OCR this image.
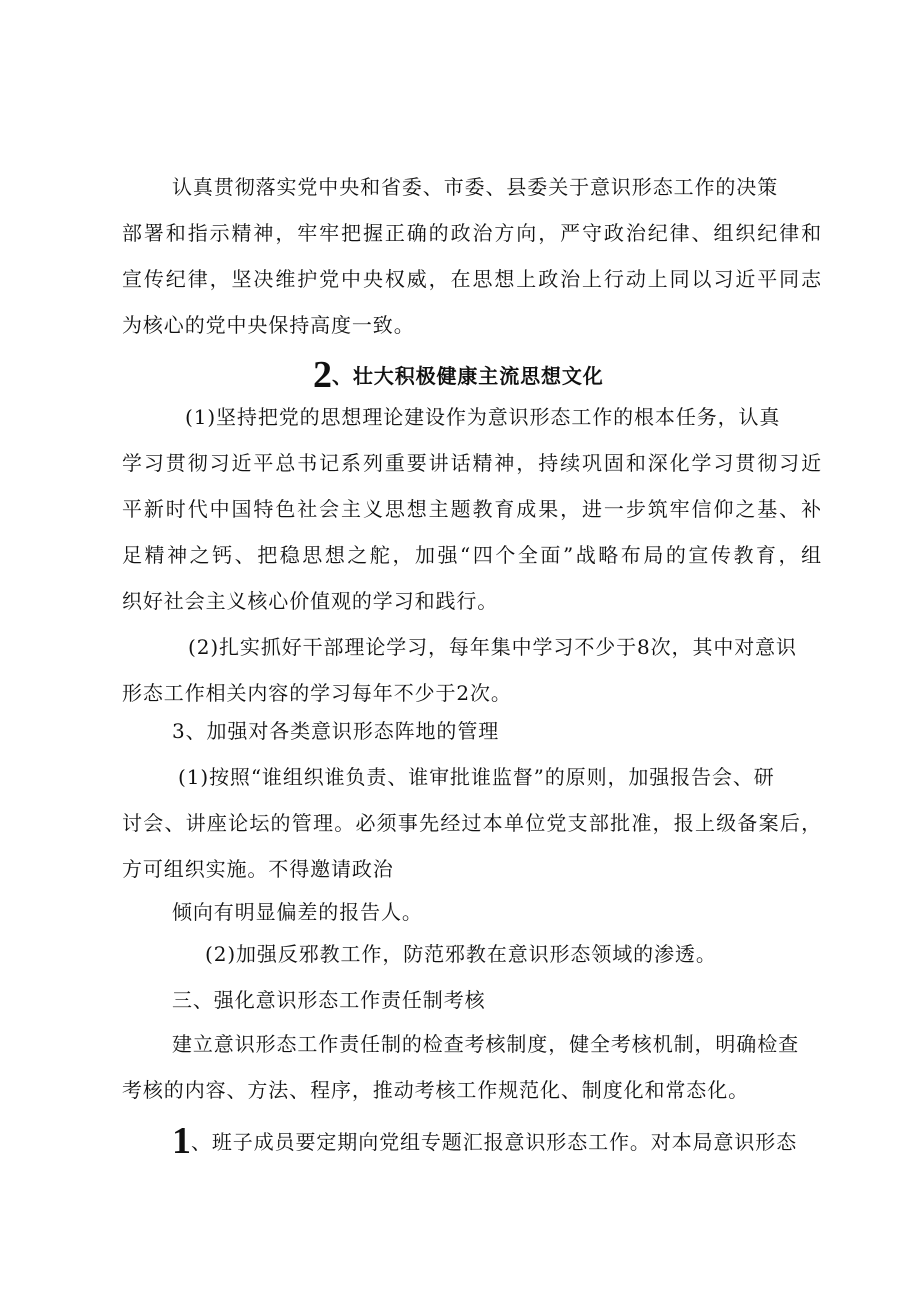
认真贯彻落实党中央和省委、市委、县委关于意识形态工作的决策
部署和指示精神，牢牢把握正确的政治方向，严守政治纪律、组织纪律和
宣传纪律，坚决维护党中央权威，在思想上政治上行动上同以习近平同志
为核心的党中央保持高度一致。
2、壮大积极健康主流思想文化
(1)坚持把党的思想理论建设作为意识形态工作的根本任务，认真
学习贯彻习近平总书记系列重要讲话精神，持续巩固和深化学习贯彻习近
平新时代中国特色社会主义思想主题教育成果，进一步筑牢信仰之基、补
足精神之钙、把稳思想之舵，加强“四个全面”战略布局的宣传教育，组
织好社会主义核心价值观的学习和践行。
(2)扎实抓好干部理论学习，每年集中学习不少于8次，其中对意识
形态工作相关内容的学习每年不少于2次。
3、加强对各类意识形态阵地的管理
(1)按照“谁组织谁负责、谁审批谁监督”的原则，加强报告会、研
讨会、讲座论坛的管理。必须事先经过本单位党支部批准，报上级备案后，
方可组织实施。不得邀请政治
倾向有明显偏差的报告人。
(2)加强反邪教工作，防范邪教在意识形态领域的渗透。
三、强化意识形态工作责任制考核
建立意识形态工作责任制的检查考核制度，健全考核机制，明确检查
考核的内容、方法、程序，推动考核工作规范化、制度化和常态化。
1、班子成员要定期向党组专题汇报意识形态工作。对本局意识形态
